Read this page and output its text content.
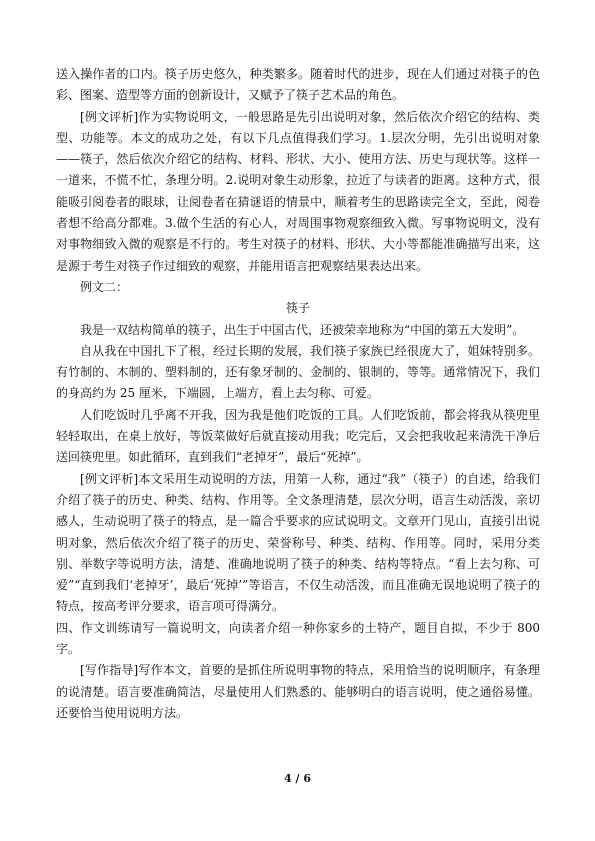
送入操作者的口内。筷子历史悠久，种类繁多。随着时代的进步，现在人们通过对筷子的色彩、图案、造型等方面的创新设计，又赋予了筷子艺术品的角色。

[例文评析]作为实物说明文，一般思路是先引出说明对象，然后依次介绍它的结构、类型、功能等。本文的成功之处，有以下几点值得我们学习。1.层次分明，先引出说明对象——筷子，然后依次介绍它的结构、材料、形状、大小、使用方法、历史与现状等。这样一一道来，不慌不忙，条理分明。2.说明对象生动形象，拉近了与读者的距离。这种方式，很能吸引阅卷者的眼球，让阅卷者在猜谜语的情景中，顺着考生的思路读完全文，至此，阅卷者想不给高分都难。3.做个生活的有心人，对周围事物观察细致入微。写事物说明文，没有对事物细致入微的观察是不行的。考生对筷子的材料、形状、大小等都能准确描写出来，这是源于考生对筷子作过细致的观察，并能用语言把观察结果表达出来。

例文二：

筷子

我是一双结构简单的筷子，出生于中国古代，还被荣幸地称为“中国的第五大发明”。

自从我在中国扎下了根，经过长期的发展，我们筷子家族已经很庞大了，姐妹特别多。有竹制的、木制的、塑料制的，还有象牙制的、金制的、银制的，等等。通常情况下，我们的身高约为 25 厘米，下端圆，上端方，看上去匀称、可爱。

人们吃饭时几乎离不开我，因为我是他们吃饭的工具。人们吃饭前，都会将我从筷兜里轻轻取出，在桌上放好，等饭菜做好后就直接动用我；吃完后，又会把我收起来清洗干净后送回筷兜里。如此循环，直到我们“老掉牙”，最后“死掉”。

[例文评析]本文采用生动说明的方法，用第一人称，通过“我”（筷子）的自述，给我们介绍了筷子的历史、种类、结构、作用等。全文条理清楚，层次分明，语言生动活泼，亲切感人，生动说明了筷子的特点，是一篇合乎要求的应试说明文。文章开门见山，直接引出说明对象，然后依次介绍了筷子的历史、荣誉称号、种类、结构、作用等。同时，采用分类别、举数字等说明方法，清楚、准确地说明了筷子的种类、结构等特点。“看上去匀称、可爱”“直到我们‘老掉牙’，最后‘死掉’”等语言，不仅生动活泼，而且准确无误地说明了筷子的特点，按高考评分要求，语言项可得满分。

四、作文训练请写一篇说明文，向读者介绍一种你家乡的土特产，题目自拟，不少于 800 字。

[写作指导]写作本文，首要的是抓住所说明事物的特点，采用恰当的说明顺序，有条理的说清楚。语言要准确简洁，尽量使用人们熟悉的、能够明白的语言说明，使之通俗易懂。还要恰当使用说明方法。

4 / 6
